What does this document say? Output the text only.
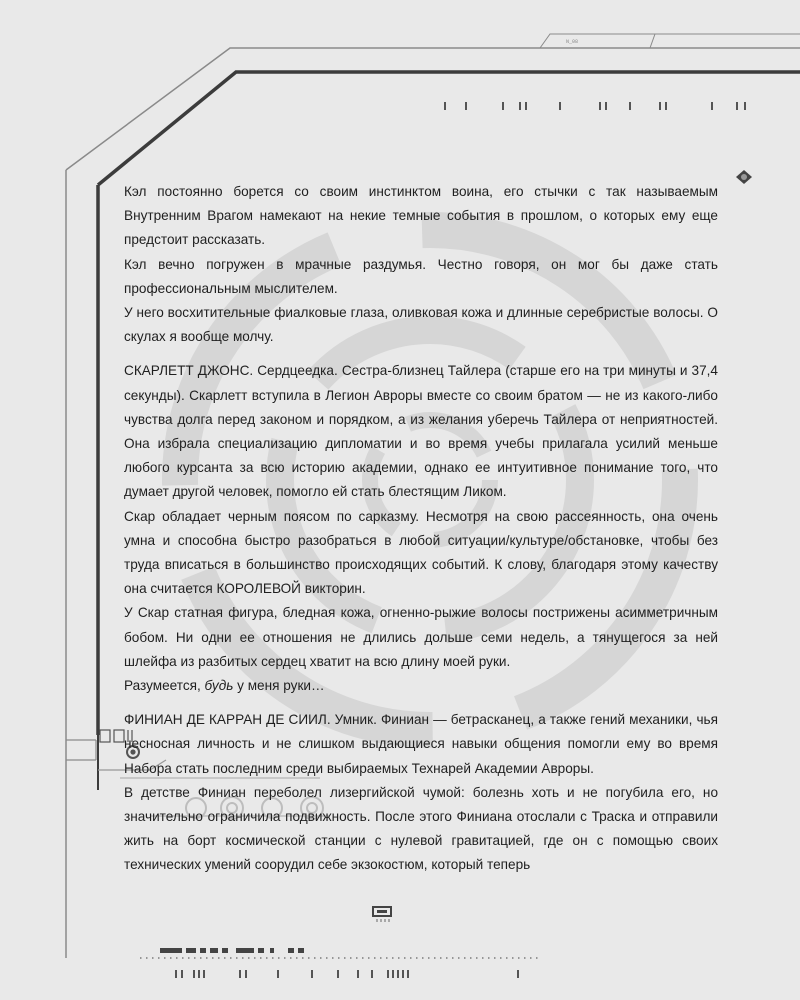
N_08

Кэл постоянно борется со своим инстинктом воина, его стычки с так называемым Внутренним Врагом намекают на некие темные события в прошлом, о которых ему еще предстоит рассказать.

Кэл вечно погружен в мрачные раздумья. Честно говоря, он мог бы даже стать профессиональным мыслителем.

У него восхитительные фиалковые глаза, оливковая кожа и длинные серебристые волосы. О скулах я вообще молчу.

СКАРЛЕТТ ДЖОНС. Сердцеедка. Сестра-близнец Тайлера (старше его на три минуты и 37,4 секунды). Скарлетт вступила в Легион Авроры вместе со своим братом — не из какого-либо чувства долга перед законом и порядком, а из желания уберечь Тайлера от неприятностей. Она избрала специализацию дипломатии и во время учебы прилагала усилий меньше любого курсанта за всю историю академии, однако ее интуитивное понимание того, что думает другой человек, помогло ей стать блестящим Ликом.

Скар обладает черным поясом по сарказму. Несмотря на свою рассеянность, она очень умна и способна быстро разобраться в любой ситуации/культуре/обстановке, чтобы без труда вписаться в большинство происходящих событий. К слову, благодаря этому качеству она считается КОРОЛЕВОЙ викторин.

У Скар статная фигура, бледная кожа, огненно-рыжие волосы пострижены асимметричным бобом. Ни одни ее отношения не длились дольше семи недель, а тянущегося за ней шлейфа из разбитых сердец хватит на всю длину моей руки.

Разумеется, будь у меня руки…

ФИНИАН ДЕ КАРРАН ДЕ СИИЛ. Умник. Финиан — бетрасканец, а также гений механики, чья несносная личность и не слишком выдающиеся навыки общения помогли ему во время Набора стать последним среди выбираемых Технарей Академии Авроры.

В детстве Финиан переболел лизергийской чумой: болезнь хоть и не погубила его, но значительно ограничила подвижность. После этого Финиана отослали с Траска и отправили жить на борт космической станции с нулевой гравитацией, где он с помощью своих технических умений соорудил себе экзокостюм, который теперь
